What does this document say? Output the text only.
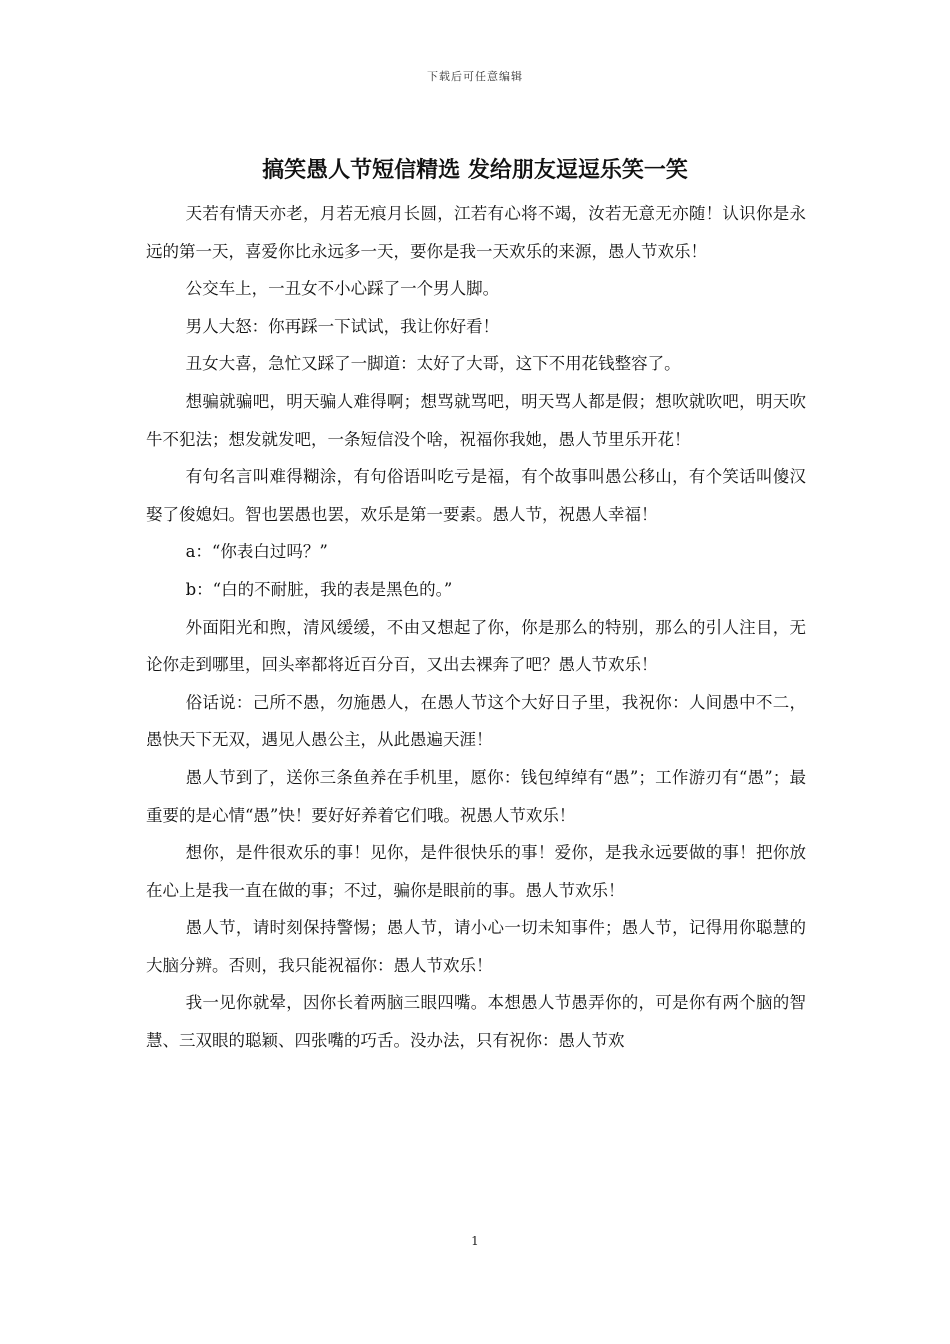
下载后可任意编辑
搞笑愚人节短信精选 发给朋友逗逗乐笑一笑

天若有情天亦老，月若无痕月长圆，江若有心将不竭，汝若无意无亦随！认识你是永远的第一天，喜爱你比永远多一天，要你是我一天欢乐的来源，愚人节欢乐！

公交车上，一丑女不小心踩了一个男人脚。

男人大怒：你再踩一下试试，我让你好看！

丑女大喜，急忙又踩了一脚道：太好了大哥，这下不用花钱整容了。

想骗就骗吧，明天骗人难得啊；想骂就骂吧，明天骂人都是假；想吹就吹吧，明天吹牛不犯法；想发就发吧，一条短信没个啥，祝福你我她，愚人节里乐开花！

有句名言叫难得糊涂，有句俗语叫吃亏是福，有个故事叫愚公移山，有个笑话叫傻汉娶了俊媳妇。智也罢愚也罢，欢乐是第一要素。愚人节，祝愚人幸福！

a：“你表白过吗？”

b：“白的不耐脏，我的表是黑色的。”

外面阳光和煦，清风缓缓，不由又想起了你，你是那么的特别，那么的引人注目，无论你走到哪里，回头率都将近百分百，又出去裸奔了吧？愚人节欢乐！

俗话说：己所不愚，勿施愚人，在愚人节这个大好日子里，我祝你：人间愚中不二，愚快天下无双，遇见人愚公主，从此愚遍天涯！

愚人节到了，送你三条鱼养在手机里，愿你：钱包绰绰有“愚”；工作游刃有“愚”；最重要的是心情“愚”快！要好好养着它们哦。祝愚人节欢乐！

想你，是件很欢乐的事！见你，是件很快乐的事！爱你，是我永远要做的事！把你放在心上是我一直在做的事；不过，骗你是眼前的事。愚人节欢乐！

愚人节，请时刻保持警惕；愚人节，请小心一切未知事件；愚人节，记得用你聪慧的大脑分辨。否则，我只能祝福你：愚人节欢乐！

我一见你就晕，因你长着两脑三眼四嘴。本想愚人节愚弄你的，可是你有两个脑的智慧、三双眼的聪颖、四张嘴的巧舌。没办法，只有祝你：愚人节欢

1
